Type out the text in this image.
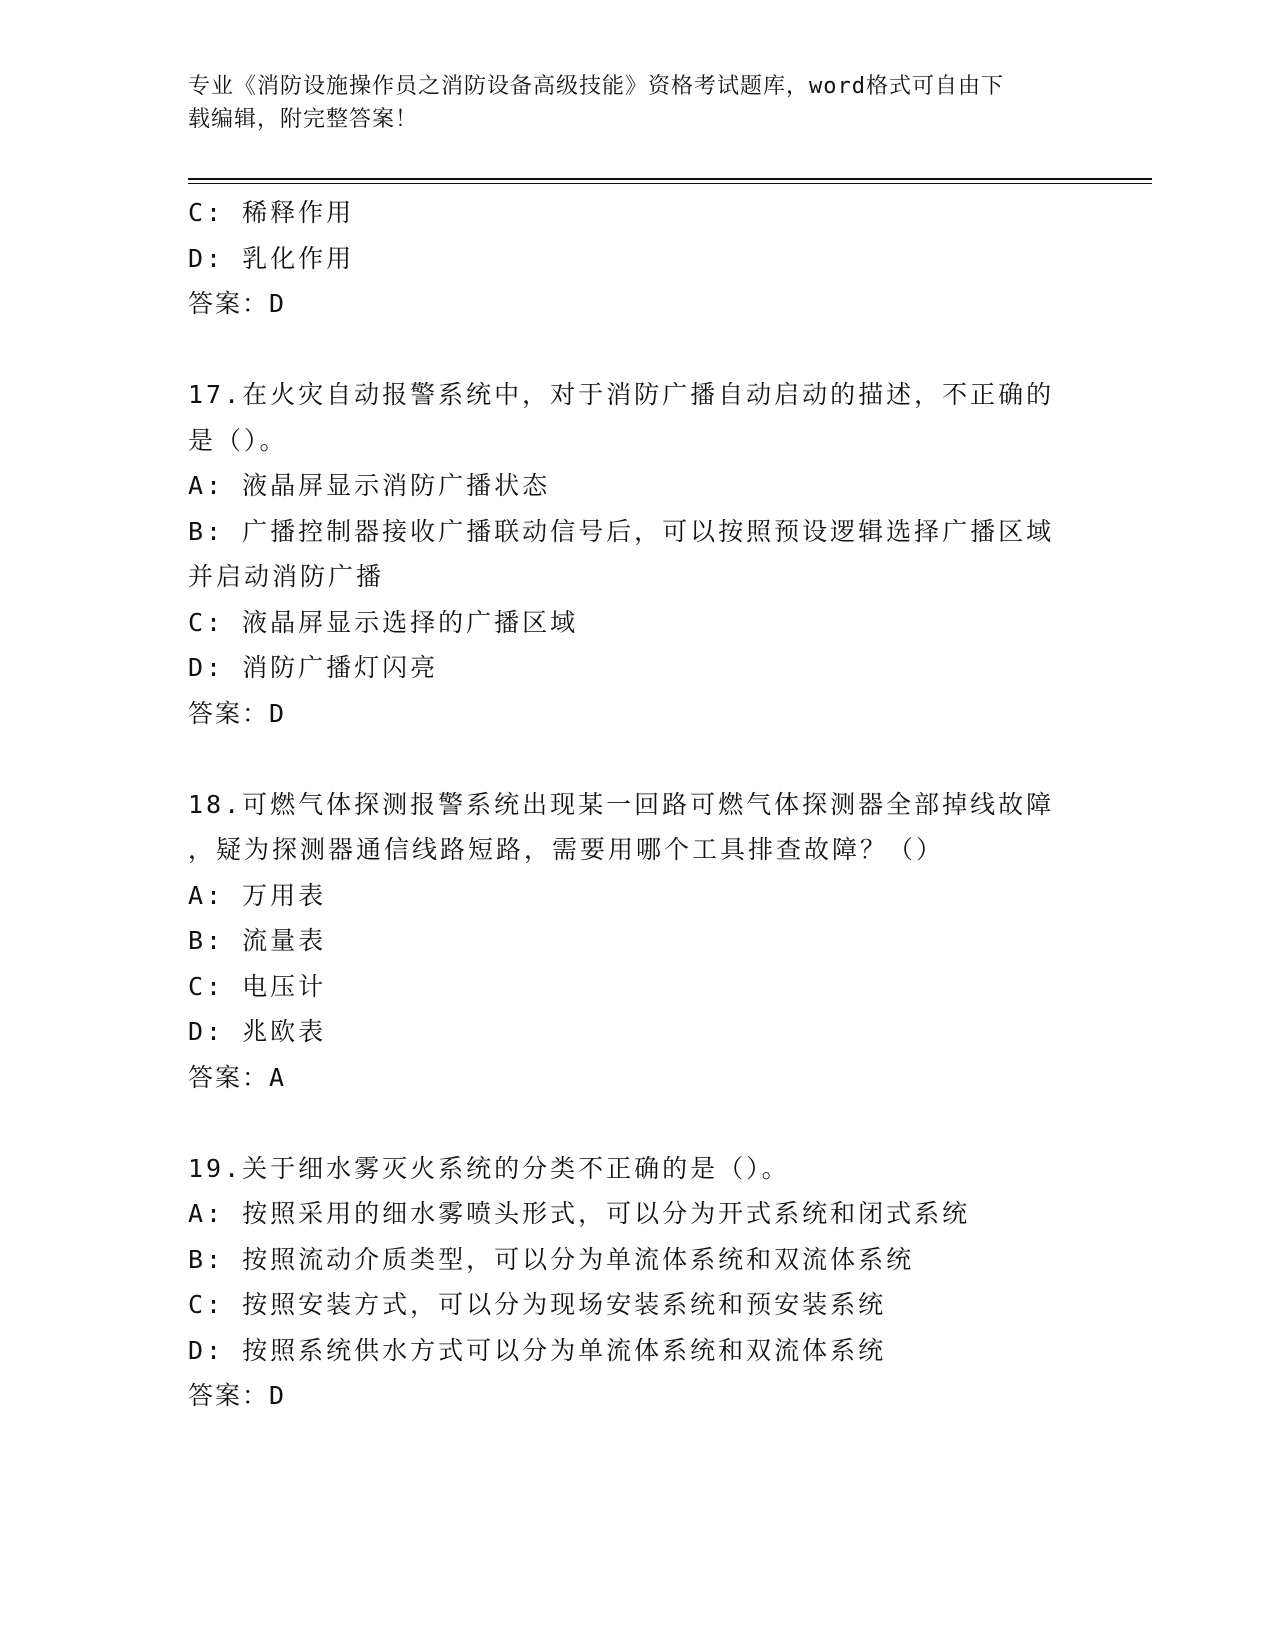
专业《消防设施操作员之消防设备高级技能》资格考试题库，word格式可自由下
载编辑，附完整答案！
C: 稀释作用
D: 乳化作用
答案：D
17.在火灾自动报警系统中，对于消防广播自动启动的描述，不正确的
是（）。
A: 液晶屏显示消防广播状态
B: 广播控制器接收广播联动信号后，可以按照预设逻辑选择广播区域
并启动消防广播
C: 液晶屏显示选择的广播区域
D: 消防广播灯闪亮
答案：D
18.可燃气体探测报警系统出现某一回路可燃气体探测器全部掉线故障
，疑为探测器通信线路短路，需要用哪个工具排查故障？（）
A: 万用表
B: 流量表
C: 电压计
D: 兆欧表
答案：A
19.关于细水雾灭火系统的分类不正确的是（）。
A: 按照采用的细水雾喷头形式，可以分为开式系统和闭式系统
B: 按照流动介质类型，可以分为单流体系统和双流体系统
C: 按照安装方式，可以分为现场安装系统和预安装系统
D: 按照系统供水方式可以分为单流体系统和双流体系统
答案：D
